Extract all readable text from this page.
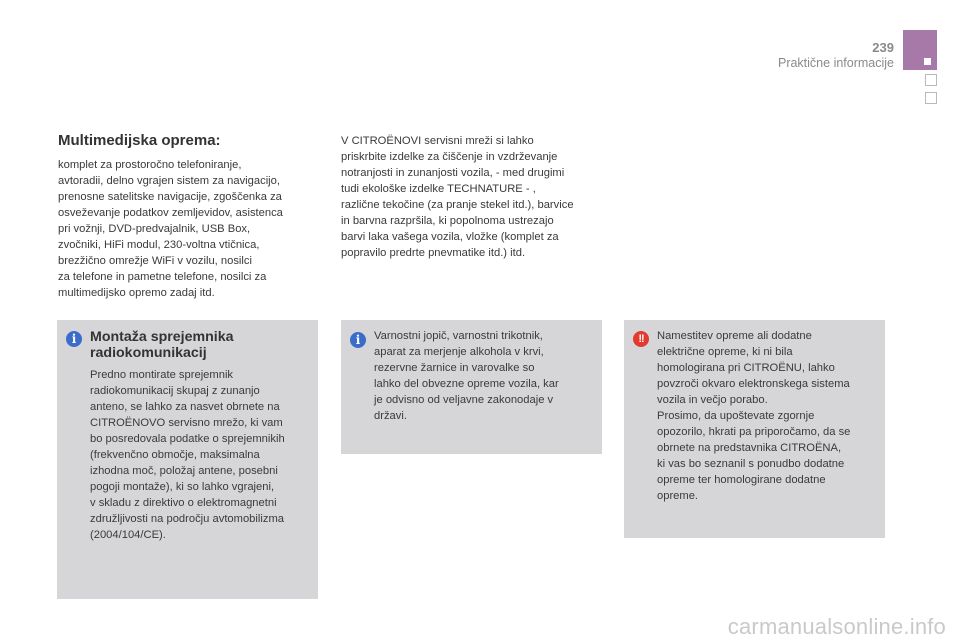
239
Praktične informacije
Multimedijska oprema:

komplet za prostoročno telefoniranje,

avtoradii, delno vgrajen sistem za navigacijo,

prenosne satelitske navigacije, zgoščenka za

osveževanje podatkov zemljevidov, asistenca

pri vožnji, DVD-predvajalnik, USB Box,

zvočniki, HiFi modul, 230-voltna vtičnica,

brezžično omrežje WiFi v vozilu, nosilci

za telefone in pametne telefone, nosilci za

multimedijsko opremo zadaj itd.

V CITROËNOVI servisni mreži si lahko

priskrbite izdelke za čiščenje in vzdrževanje

notranjosti in zunanjosti vozila, - med drugimi

tudi ekološke izdelke TECHNATURE - ,

različne tekočine (za pranje stekel itd.), barvice

in barvna razpršila, ki popolnoma ustrezajo

barvi laka vašega vozila, vložke (komplet za

popravilo predrte pnevmatike itd.) itd.

i Montaža sprejemnika
radiokomunikacij

Predno montirate sprejemnik

radiokomunikacij skupaj z zunanjo

anteno, se lahko za nasvet obrnete na

CITROËNOVO servisno mrežo, ki vam

bo posredovala podatke o sprejemnikih

(frekvenčno območje, maksimalna

izhodna moč, položaj antene, posebni

pogoji montaže), ki so lahko vgrajeni,

v skladu z direktivo o elektromagnetni

združljivosti na področju avtomobilizma

(2004/104/CE).

i	Varnostni jopič, varnostni trikotnik,

aparat za merjenje alkohola v krvi,

rezervne žarnice in varovalke so

lahko del obvezne opreme vozila, kar

je odvisno od veljavne zakonodaje v

državi.

!!	Namestitev opreme ali dodatne

električne opreme, ki ni bila

homologirana pri CITROËNU, lahko

povzroči okvaro elektronskega sistema

vozila in večjo porabo.

Prosimo, da upoštevate zgornje

opozorilo, hkrati pa priporočamo, da se

obrnete na predstavnika CITROËNA,

ki vas bo seznanil s ponudbo dodatne

opreme ter homologirane dodatne

opreme.

carmanualsonline.info
